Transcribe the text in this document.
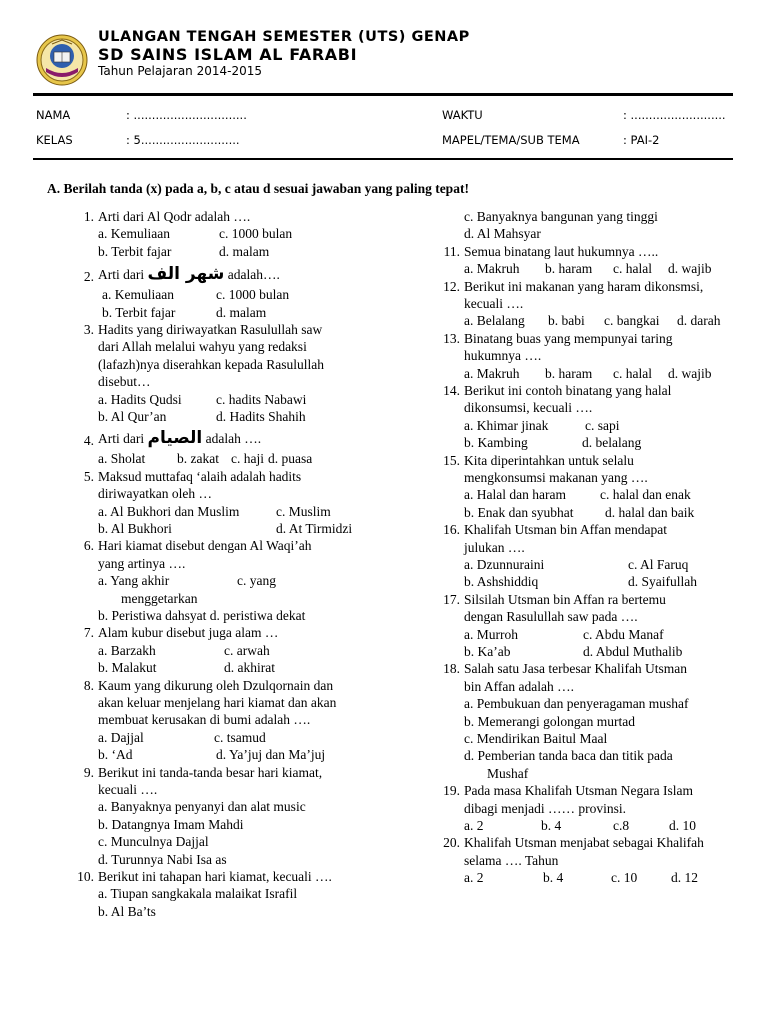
ULANGAN TENGAH SEMESTER (UTS) GENAP
SD SAINS ISLAM AL FARABI
Tahun Pelajaran 2014-2015
NAMA	: ...............................	WAKTU	: ..........................
KELAS	: 5...........................	MAPEL/TEMA/SUB TEMA	: PAI-2
A. Berilah tanda (x) pada a, b, c atau d sesuai jawaban yang paling tepat!
1. Arti dari Al Qodr adalah ….
a. Kemuliaan	c. 1000 bulan
b. Terbit fajar	d. malam
2. Arti dari شهر الف adalah….
a. Kemuliaan	c. 1000 bulan
b. Terbit fajar	d. malam
3. Hadits yang diriwayatkan Rasulullah saw
dari Allah melalui wahyu yang redaksi
(lafazh)nya diserahkan kepada Rasulullah
disebut…
a. Hadits Qudsi	c. hadits Nabawi
b. Al Qur’an	d. Hadits Shahih
4. Arti dari الصيام adalah ….
a. Sholat b. zakat c. haji d. puasa
5. Maksud muttafaq ‘alaih adalah hadits
diriwayatkan oleh …
a. Al Bukhori dan Muslim	c. Muslim
b. Al Bukhori	d. At Tirmidzi
6. Hari kiamat disebut dengan Al Waqi’ah
yang artinya ….
a. Yang akhir	c. yang
menggetarkan
b. Peristiwa dahsyat d. peristiwa dekat
7. Alam kubur disebut juga alam …
a. Barzakh	c. arwah
b. Malakut	d. akhirat
8. Kaum yang dikurung oleh Dzulqornain dan
akan keluar menjelang hari kiamat dan akan
membuat kerusakan di bumi adalah ….
a. Dajjal	c. tsamud
b. ‘Ad	d. Ya’juj dan Ma’juj
9. Berikut ini tanda-tanda besar hari kiamat,
kecuali ….
a. Banyaknya penyanyi dan alat music
b. Datangnya Imam Mahdi
c. Munculnya Dajjal
d. Turunnya Nabi Isa as
10. Berikut ini tahapan hari kiamat, kecuali ….
a. Tiupan sangkakala malaikat Israfil
b. Al Ba’ts
c. Banyaknya bangunan yang tinggi
d. Al Mahsyar
11. Semua binatang laut hukumnya …..
a. Makruh b. haram c. halal d. wajib
12. Berikut ini makanan yang haram dikonsmsi,
kecuali ….
a. Belalang b. babi c. bangkai d. darah
13. Binatang buas yang mempunyai taring
hukumnya ….
a. Makruh b. haram c. halal d. wajib
14. Berikut ini contoh binatang yang halal
dikonsumsi, kecuali ….
a. Khimar jinak	c. sapi
b. Kambing	d. belalang
15. Kita diperintahkan untuk selalu
mengkonsumsi makanan yang ….
a. Halal dan haram	c. halal dan enak
b. Enak dan syubhat d. halal dan baik
16. Khalifah Utsman bin Affan mendapat
julukan ….
a. Dzunnuraini	c. Al Faruq
b. Ashshiddiq	d. Syaifullah
17. Silsilah Utsman bin Affan ra bertemu
dengan Rasulullah saw pada ….
a. Murroh	c. Abdu Manaf
b. Ka’ab	d. Abdul Muthalib
18. Salah satu Jasa terbesar Khalifah Utsman
bin Affan adalah ….
a. Pembukuan dan penyeragaman mushaf
b. Memerangi golongan murtad
c. Mendirikan Baitul Maal
d. Pemberian tanda baca dan titik pada
Mushaf
19. Pada masa Khalifah Utsman Negara Islam
dibagi menjadi …… provinsi.
a. 2	b. 4	c.8	d. 10
20. Khalifah Utsman menjabat sebagai Khalifah
selama …. Tahun
a. 2	b. 4	c. 10	d. 12
